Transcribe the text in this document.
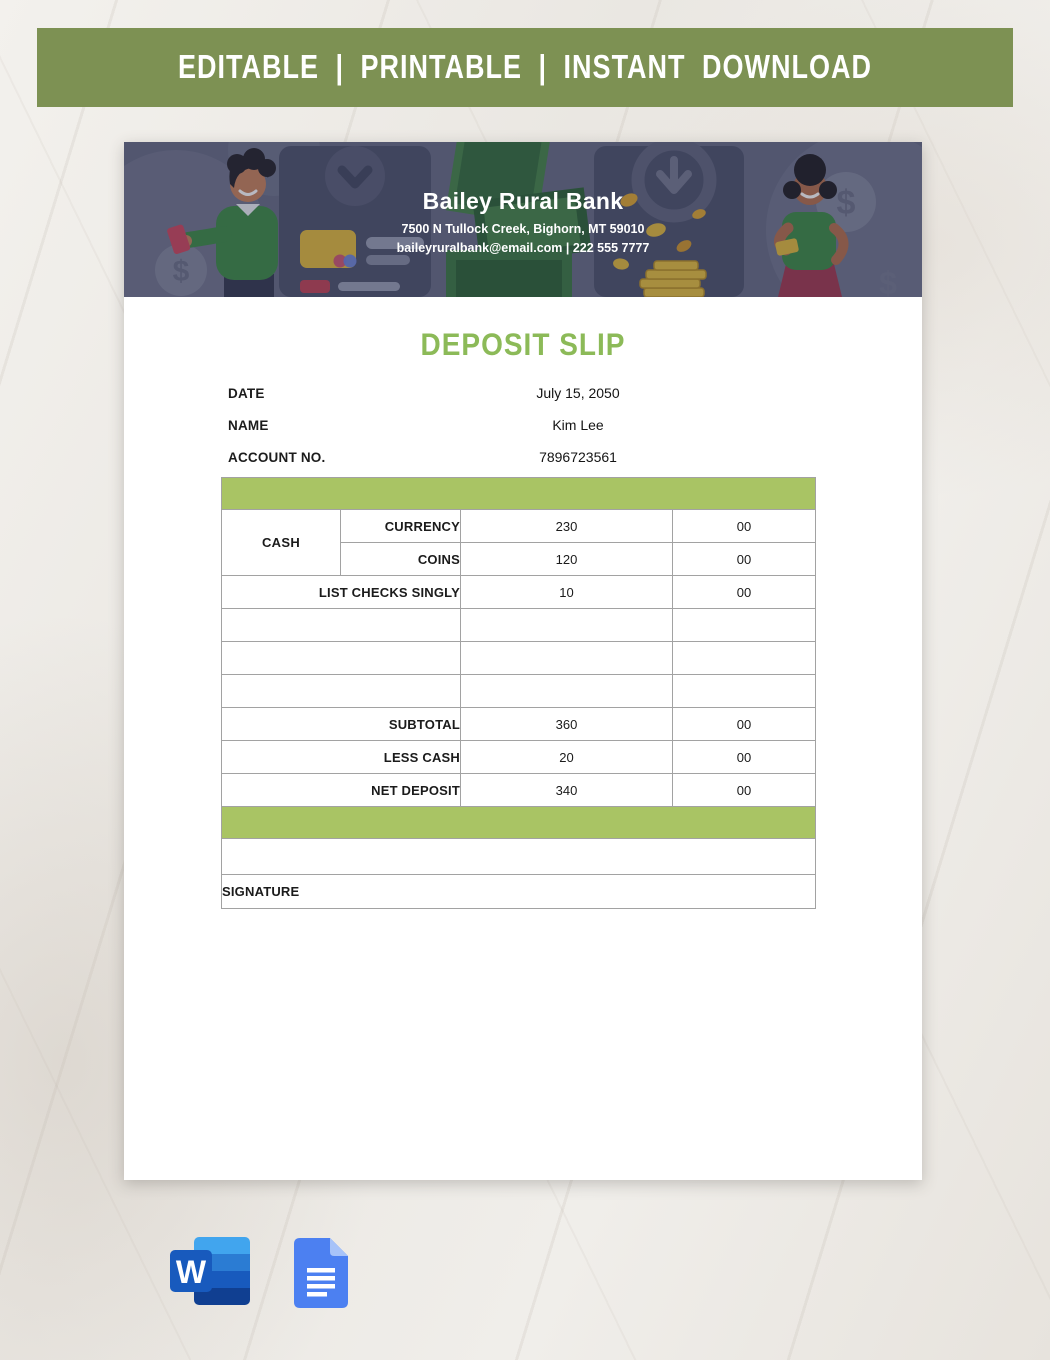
EDITABLE | PRINTABLE | INSTANT DOWNLOAD
$
$
$
Bailey Rural Bank
7500 N Tullock Creek, Bighorn, MT 59010
baileyruralbank@email.com | 222 555 7777
DEPOSIT SLIP
DATE	July 15, 2050
NAME	Kim Lee
ACCOUNT NO.	7896723561

CASH	CURRENCY	230	00
	COINS	120	00
LIST CHECKS SINGLY		10	00

SUBTOTAL		360	00
LESS CASH		20	00
NET DEPOSIT		340	00

SIGNATURE			
W
